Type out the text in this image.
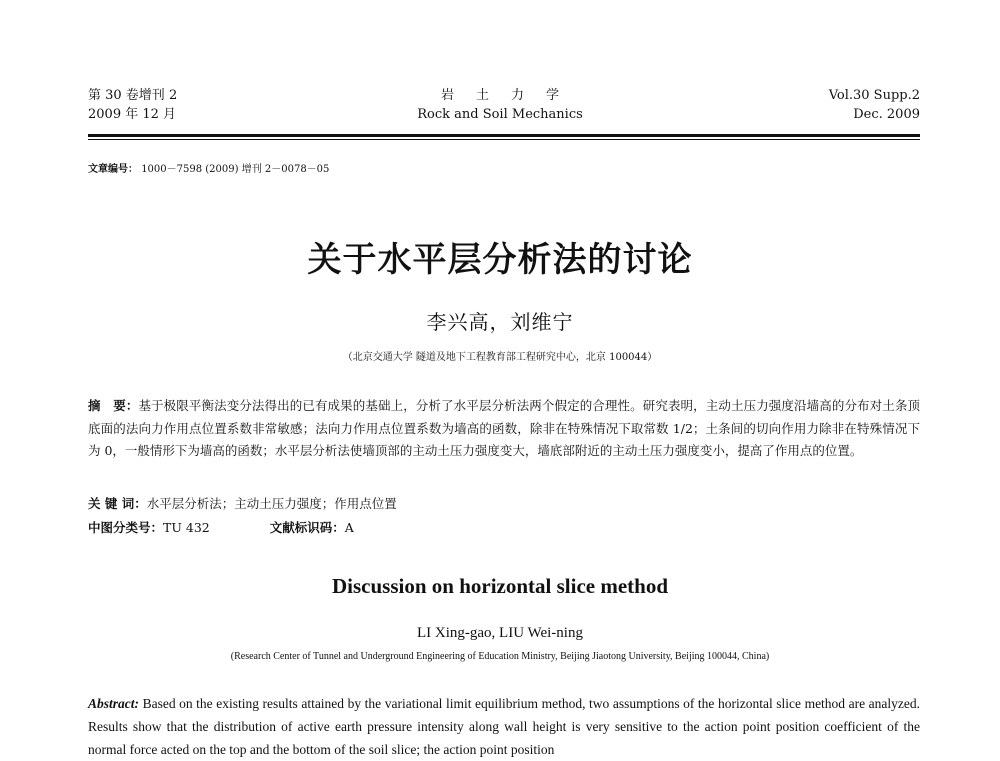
第 30 卷增刊 2
2009 年 12 月
岩土力学
Rock and Soil Mechanics
Vol.30 Supp.2
Dec. 2009
文章编号： 1000－7598 (2009) 增刊 2－0078－05
关于水平层分析法的讨论
李兴高，刘维宁
（北京交通大学 隧道及地下工程教育部工程研究中心，北京 100044）
摘　要：基于极限平衡法变分法得出的已有成果的基础上，分析了水平层分析法两个假定的合理性。研究表明，主动土压力强度沿墙高的分布对土条顶底面的法向力作用点位置系数非常敏感；法向力作用点位置系数为墙高的函数，除非在特殊情况下取常数 1/2；土条间的切向作用力除非在特殊情况下为 0，一般情形下为墙高的函数；水平层分析法使墙顶部的主动土压力强度变大，墙底部附近的主动土压力强度变小，提高了作用点的位置。
关 键 词：水平层分析法；主动土压力强度；作用点位置
中图分类号：TU 432	文献标识码：A
Discussion on horizontal slice method
LI Xing-gao, LIU Wei-ning
(Research Center of Tunnel and Underground Engineering of Education Ministry, Beijing Jiaotong University, Beijing 100044, China)
Abstract: Based on the existing results attained by the variational limit equilibrium method, two assumptions of the horizontal slice method are analyzed. Results show that the distribution of active earth pressure intensity along wall height is very sensitive to the action point position coefficient of the normal force acted on the top and the bottom of the soil slice; the action point position
